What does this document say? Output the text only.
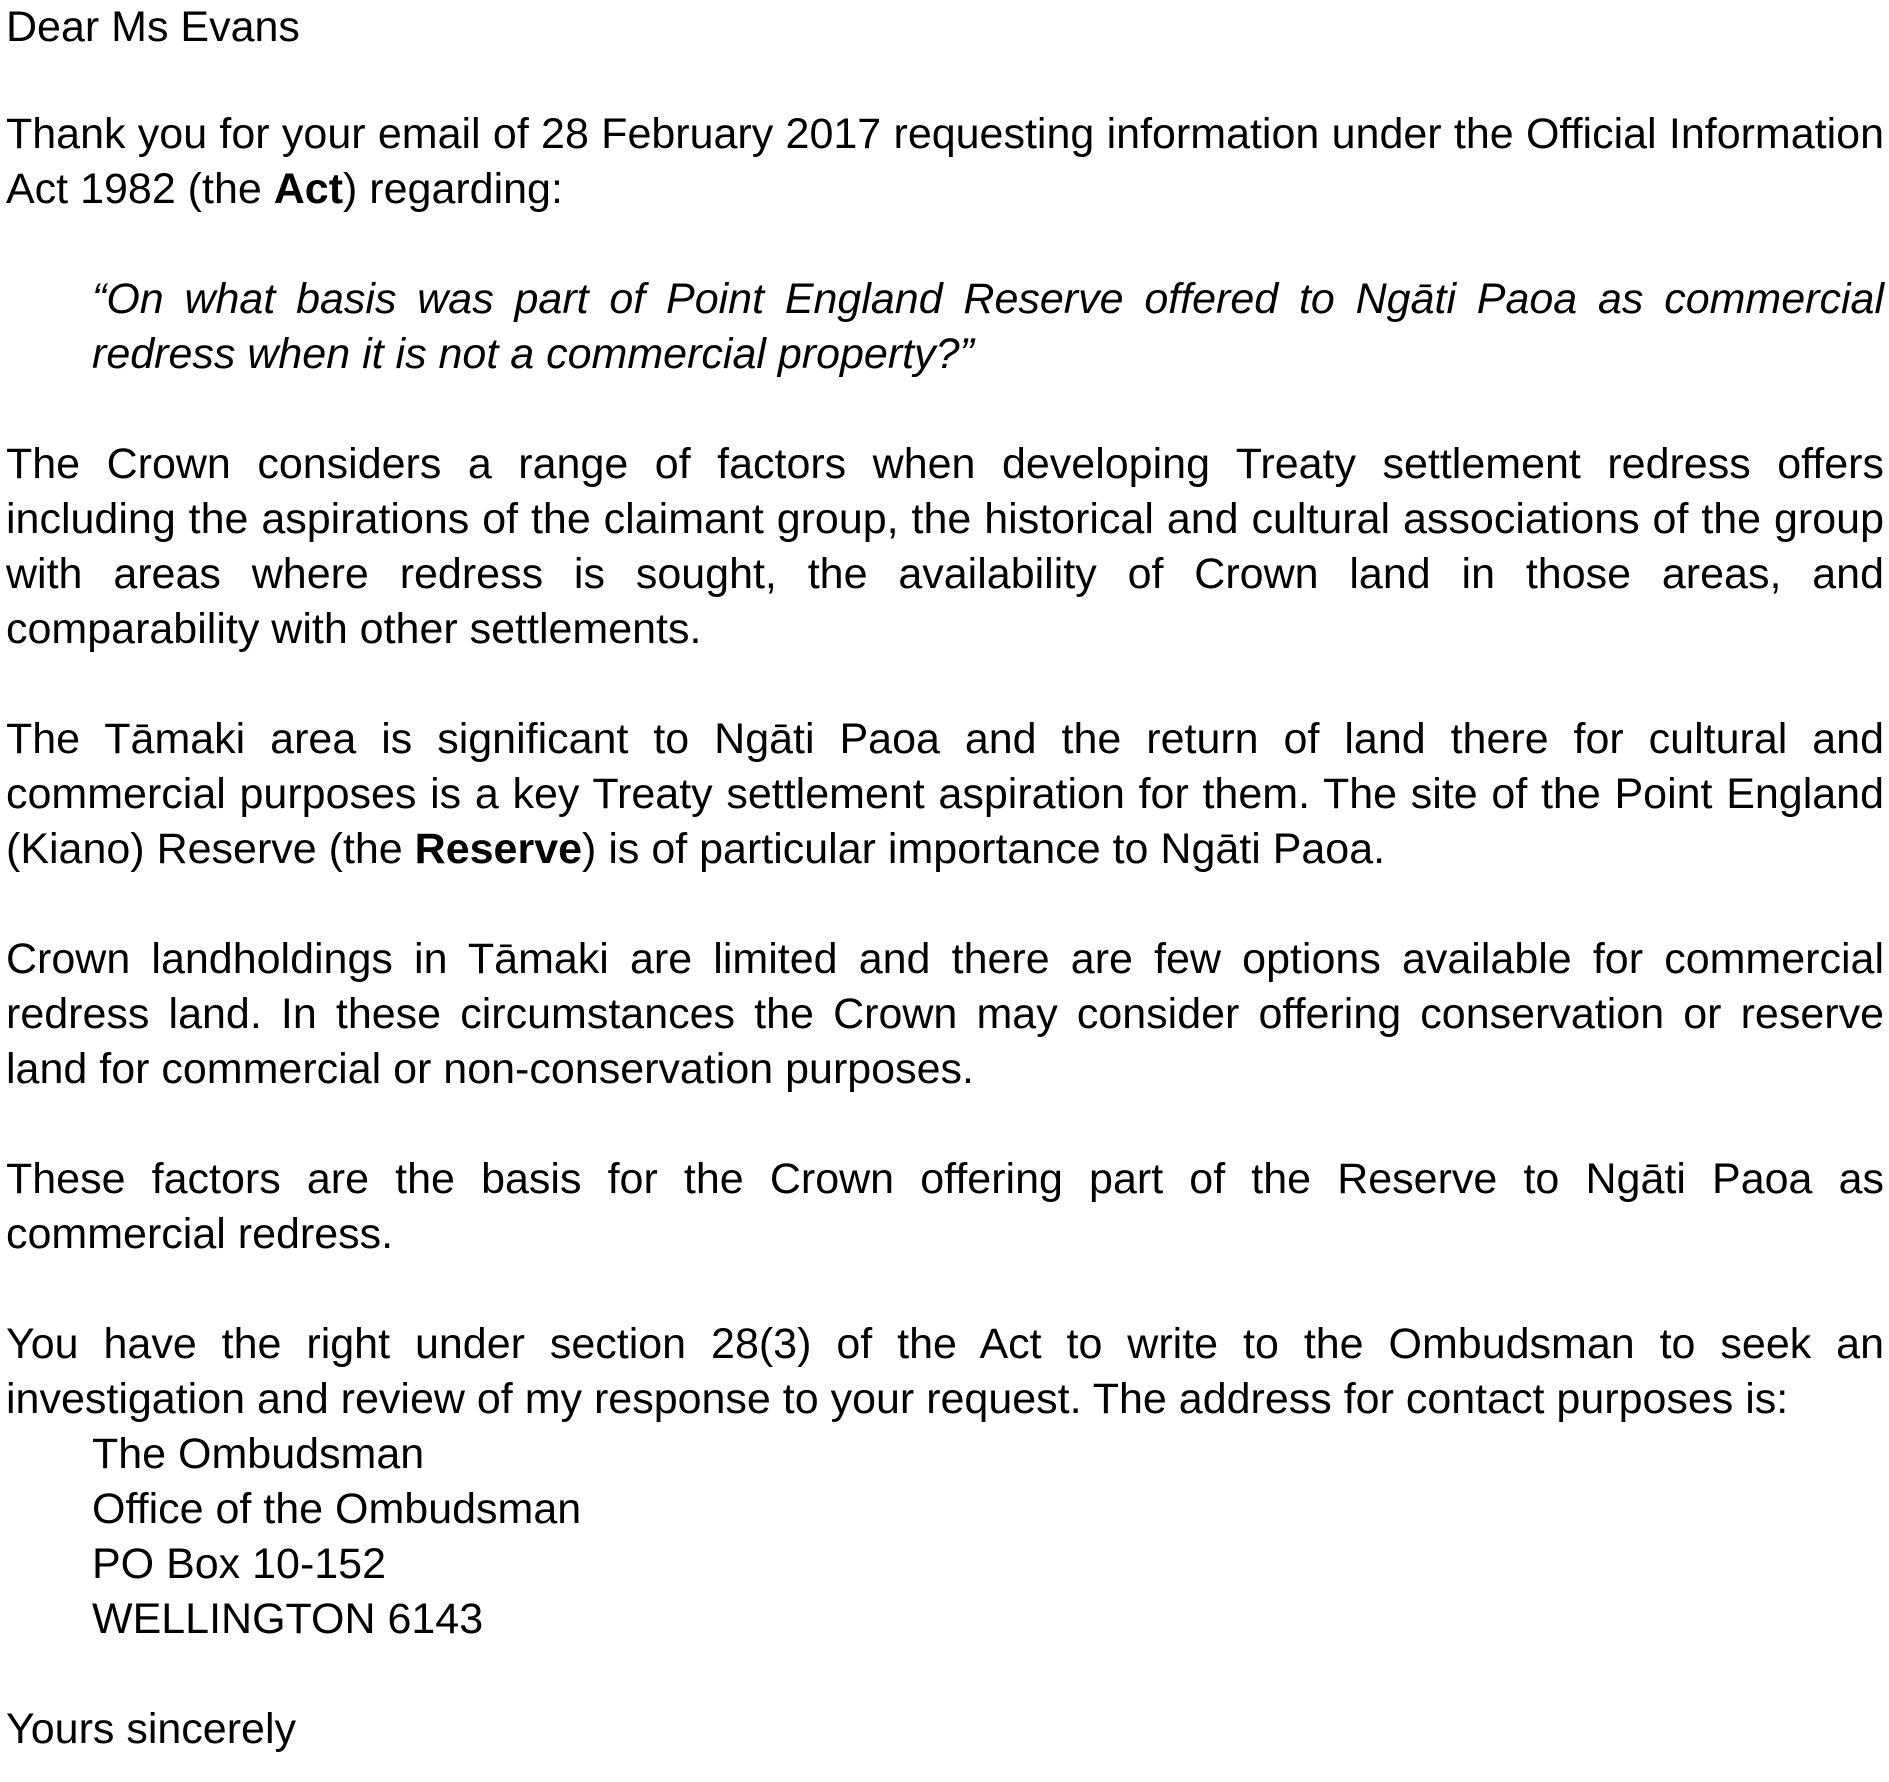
Dear Ms Evans

Thank you for your email of 28 February 2017 requesting information under the Official Information Act 1982 (the Act) regarding:

“On what basis was part of Point England Reserve offered to Ngāti Paoa as commercial redress when it is not a commercial property?”

The Crown considers a range of factors when developing Treaty settlement redress offers including the aspirations of the claimant group, the historical and cultural associations of the group with areas where redress is sought, the availability of Crown land in those areas, and comparability with other settlements.

The Tāmaki area is significant to Ngāti Paoa and the return of land there for cultural and commercial purposes is a key Treaty settlement aspiration for them. The site of the Point England (Kiano) Reserve (the Reserve) is of particular importance to Ngāti Paoa.

Crown landholdings in Tāmaki are limited and there are few options available for commercial redress land. In these circumstances the Crown may consider offering conservation or reserve land for commercial or non-conservation purposes.

These factors are the basis for the Crown offering part of the Reserve to Ngāti Paoa as commercial redress.

You have the right under section 28(3) of the Act to write to the Ombudsman to seek an investigation and review of my response to your request. The address for contact purposes is:

The Ombudsman
Office of the Ombudsman
PO Box 10-152
WELLINGTON 6143

Yours sincerely
